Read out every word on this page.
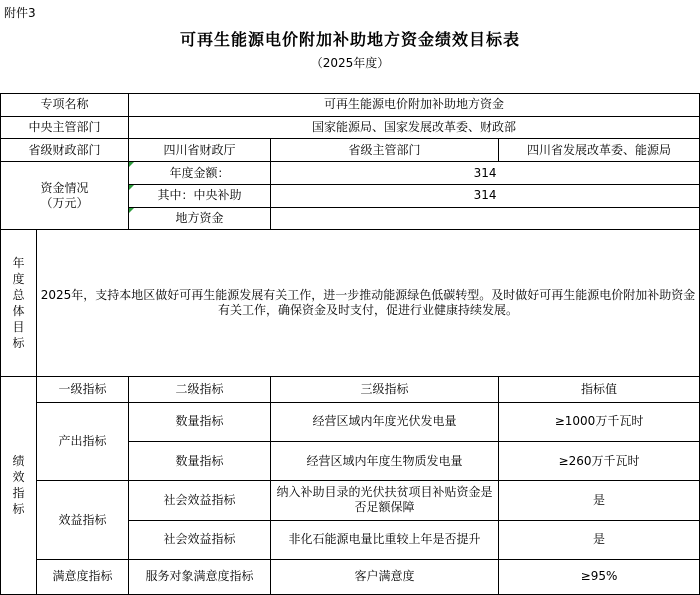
附件3
可再生能源电价附加补助地方资金绩效目标表
（2025年度）
专项名称		可再生能源电价附加补助地方资金		
中央主管部门		国家能源局、国家发展改革委、财政部		
省级财政部门		四川省财政厅	省级主管部门	四川省发展改革委、能源局

资金情况
（万元）		年度金额：	314	
		其中：中央补助	314	
		地方资金		
年度总体目标	2025年，支持本地区做好可再生能源发展有关工作，进一步推动能源绿色低碳转型。及时做好可再生能源电价附加补助资金有关工作，确保资金及时支付，促进行业健康持续发展。			
绩效指标	一级指标	二级指标	三级指标	指标值
	产出指标	数量指标	经营区域内年度光伏发电量	≥1000万千瓦时
		数量指标	经营区域内年度生物质发电量	≥260万千瓦时
	效益指标	社会效益指标	纳入补助目录的光伏扶贫项目补贴资金是否足额保障	是
		社会效益指标	非化石能源电量比重较上年是否提升	是
	满意度指标	服务对象满意度指标	客户满意度	≥95%
